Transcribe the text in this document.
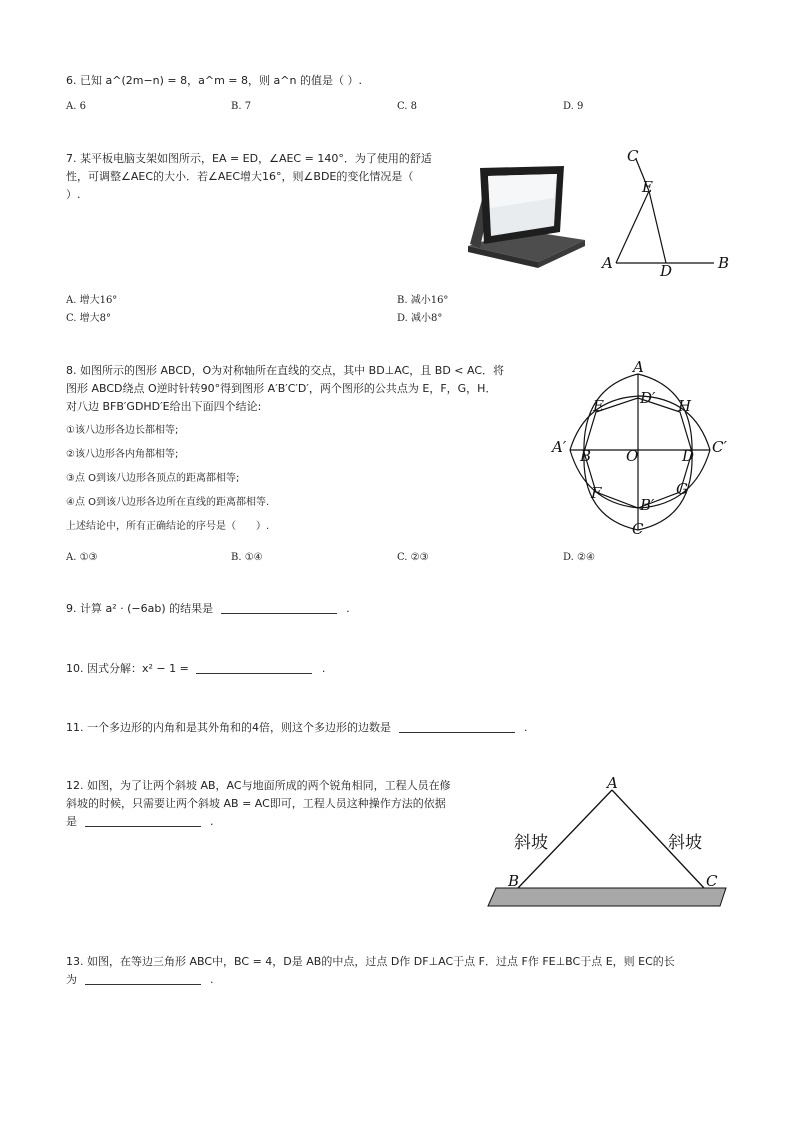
6. 已知 a^(2m−n) = 8，a^m = 8，则 a^n 的值是（ ）.
A. 6	B. 7	C. 8	D. 9
7. 某平板电脑支架如图所示，EA = ED，∠AEC = 140°．为了使用的舒适
性，可调整∠AEC的大小．若∠AEC增大16°，则∠BDE的变化情况是（
）.
C
E
A	D	B
A. 增大16°	B. 减小16°
C. 增大8°	D. 减小8°
8. 如图所示的图形 ABCD，O为对称轴所在直线的交点，其中 BD⊥AC，且 BD < AC．将
图形 ABCD绕点 O逆时针转90°得到图形 A′B′C′D′，两个图形的公共点为 E，F，G，H．
对八边 BFB′GDHD′E给出下面四个结论:
①该八边形各边长都相等;
②该八边形各内角都相等;
③点 O到该八边形各顶点的距离都相等;
④点 O到该八边形各边所在直线的距离都相等.
上述结论中，所有正确结论的序号是（　　）.
A
D′
E	H
A′	C′
B O	D
F	G
B′
C
A. ①③	B. ①④	C. ②③	D. ②④
9. 计算 a² · (−6ab) 的结果是	.
10. 因式分解：x² − 1 =	.
11. 一个多边形的内角和是其外角和的4倍，则这个多边形的边数是	.
12. 如图，为了让两个斜坡 AB，AC与地面所成的两个锐角相同，工程人员在修
斜坡的时候，只需要让两个斜坡 AB = AC即可，工程人员这种操作方法的依据
是	.
A
B	C
斜坡	斜坡
13. 如图，在等边三角形 ABC中，BC = 4，D是 AB的中点，过点 D作 DF⊥AC于点 F．过点 F作 FE⊥BC于点 E，则 EC的长
为	.
